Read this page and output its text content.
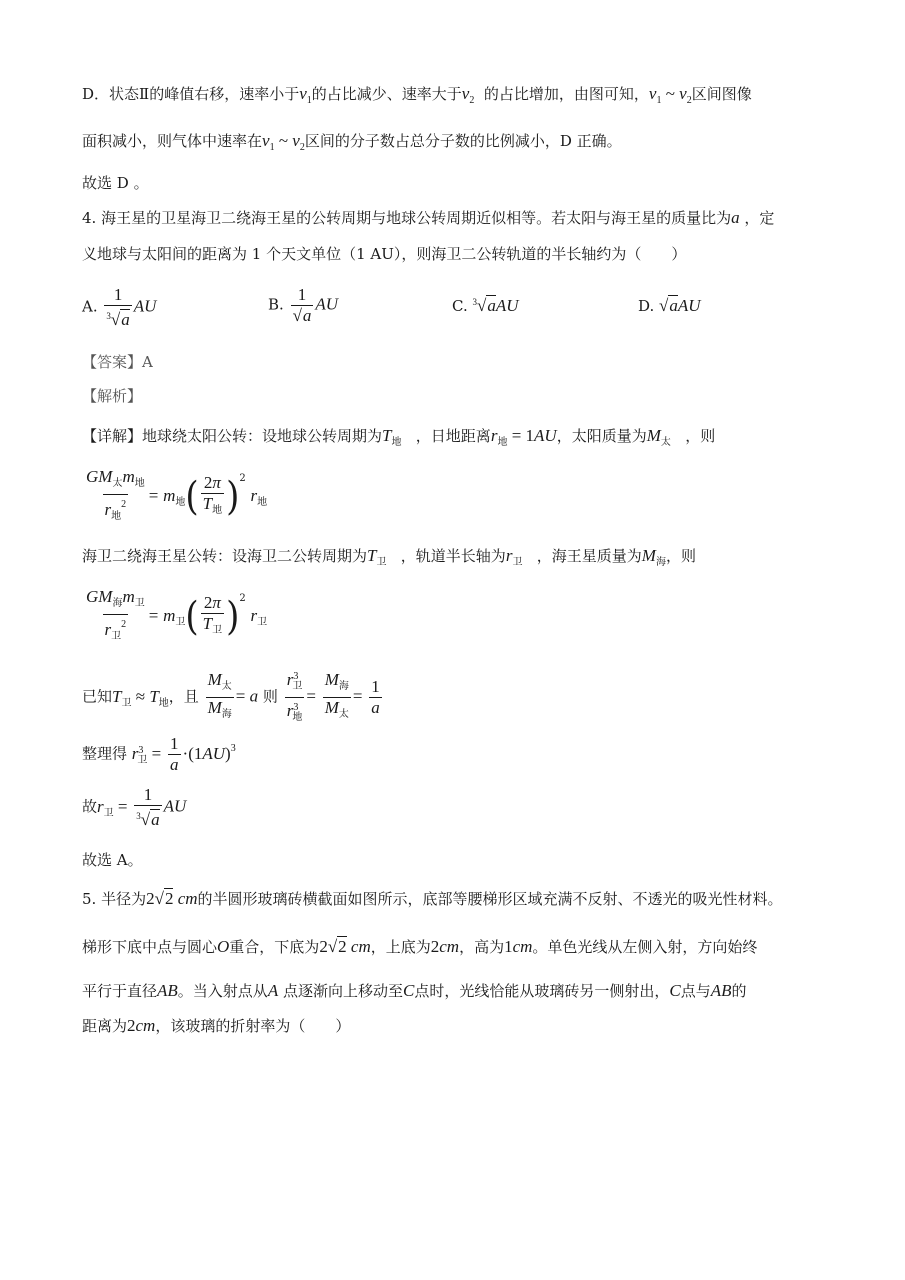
D．状态Ⅱ的峰值右移，速率小于$v_1$的占比减少、速率大于$v_2$ 的占比增加，由图可知，$v_1$ ~ $v_2$区间图像
面积减小，则气体中速率在$v_1$ ~ $v_2$区间的分子数占总分子数的比例减小，D 正确。
故选 D 。
4. 海王星的卫星海卫二绕海王星的公转周期与地球公转周期近似相等。若太阳与海王星的质量比为a ，定
义地球与太阳间的距离为 1 个天文单位（1 AU），则海卫二公转轨道的半长轴约为（　　）
A. $\frac{1}{^3√a}$ AU	B. $\frac{1}{√a}$ AU	C. $^3$√aAU	D. √aAU
【答案】A
【解析】
【详解】地球绕太阳公转：设地球公转周期为$T_地$ ，日地距离$r_地 = 1AU$，太阳质量为$M_太$ ，则
$\frac{GM_太m_地}{r_地^2} = m_地( \frac{2\pi}{T_地} )^2$ $r_地$
海卫二绕海王星公转：设海卫二公转周期为$T_卫$ ，轨道半长轴为$r_卫$ ，海王星质量为$M_海$，则
$\frac{GM_海m_卫}{r_卫^2} = m_卫( \frac{2\pi}{T_卫} )^2$ $r_卫$
已知$T_卫 \approx T_地$，且 $\frac{M_太}{M_海} = a$ 则 $\frac{r^3_卫}{r^3_地} = \frac{M_海}{M_太} = \frac{1}{a}$
整理得 $r^3_卫 = \frac{1}{a} \cdot(1AU)^3$
故$r_卫 = \frac{1}{^3√a}$ AU
故选 A。
5. 半径为2√2 cm的半圆形玻璃砖横截面如图所示，底部等腰梯形区域充满不反射、不透光的吸光性材料。
梯形下底中点与圆心O重合，下底为2√2 cm，上底为2cm，高为1cm。单色光线从左侧入射，方向始终
平行于直径AB。当入射点从A 点逐渐向上移动至C点时，光线恰能从玻璃砖另一侧射出，C点与AB的
距离为2cm，该玻璃的折射率为（　　）
